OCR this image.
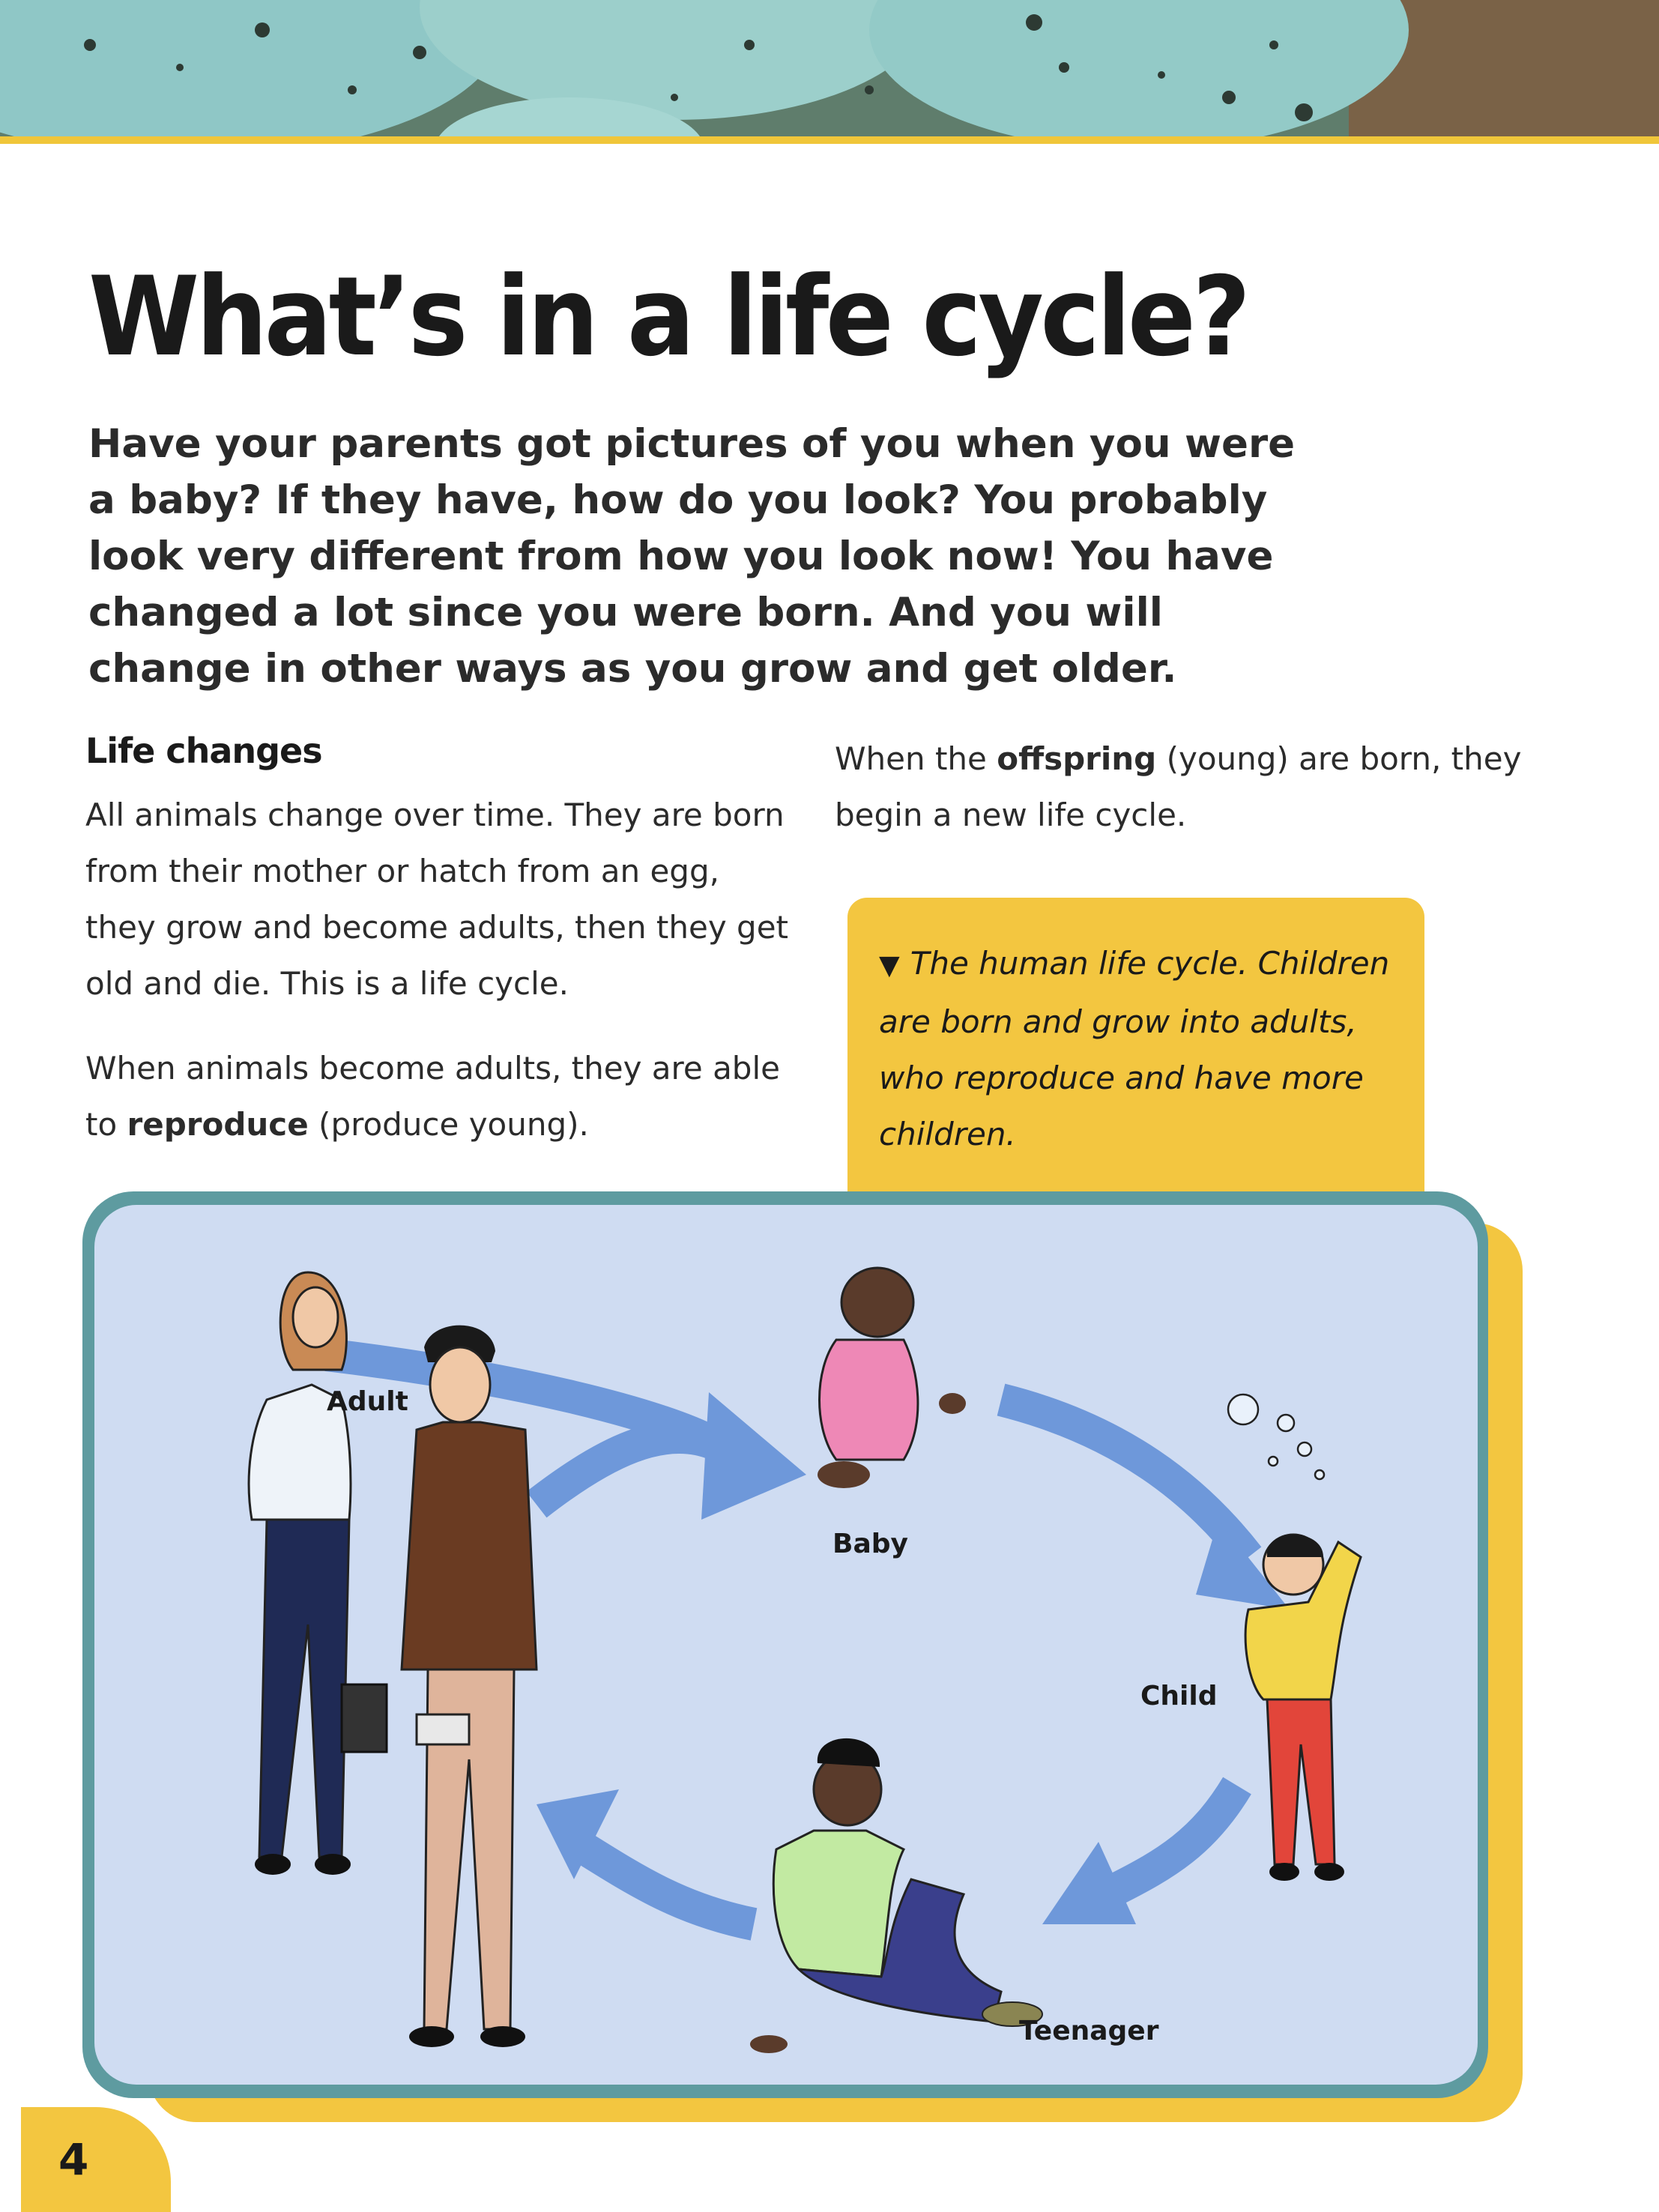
What’s in a life cycle?

Have your parents got pictures of you when you were a baby? If they have, how do you look? You probably look very different from how you look now! You have changed a lot since you were born. And you will change in other ways as you grow and get older.

Life changes

All animals change over time. They are born from their mother or hatch from an egg, they grow and become adults, then they get old and die. This is a life cycle.

When animals become adults, they are able to reproduce (produce young).

When the offspring (young) are born, they begin a new life cycle.

▼ The human life cycle. Children are born and grow into adults, who reproduce and have more children.

Adult

Baby

Child

Teenager

4
